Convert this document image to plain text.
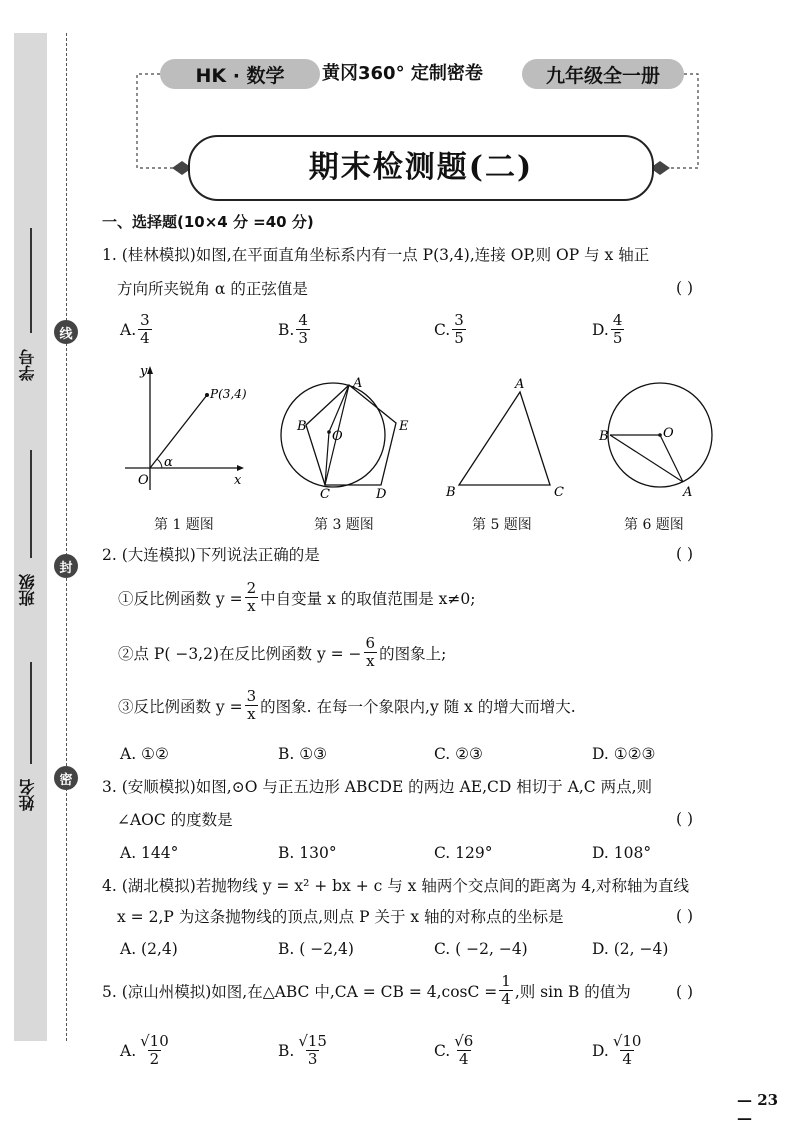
学号
班级
姓名
线
封
密
HK · 数学	黄冈360° 定制密卷	九年级全一册
期末检测题(二)
一、选择题(10×4 分 =40 分)
1. (桂林模拟)如图,在平面直角坐标系内有一点 P(3,4),连接 OP,则 OP 与 x 轴正
方向所夹锐角 α 的正弦值是	( )
A. $\frac{3}{4}$	B. $\frac{4}{3}$	C. $\frac{3}{5}$	D. $\frac{4}{5}$
y
x
O
P(3,4)
α
A
B
C	D
E
O
A
B	C
B	O
A
第 1 题图	第 3 题图	第 5 题图	第 6 题图
2. (大连模拟)下列说法正确的是	( )
①反比例函数 $y = \frac{2}{x}$ 中自变量 x 的取值范围是 x≠0;
②点 P( −3,2)在反比例函数 y = − $\frac{6}{x}$ 的图象上;
③反比例函数 $y = \frac{3}{x}$ 的图象. 在每一个象限内,y 随 x 的增大而增大.
A. ①②	B. ①③	C. ②③	D. ①②③
3. (安顺模拟)如图,⊙O 与正五边形 ABCDE 的两边 AE,CD 相切于 A,C 两点,则
∠AOC 的度数是	( )
A. 144°	B. 130°	C. 129°	D. 108°
4. (湖北模拟)若抛物线 y = x² + bx + c 与 x 轴两个交点间的距离为 4,对称轴为直线
x = 2,P 为这条抛物线的顶点,则点 P 关于 x 轴的对称点的坐标是	( )
A. (2,4)	B. ( −2,4)	C. ( −2, −4)	D. (2, −4)
5. (凉山州模拟)如图,在△ABC 中,CA = CB = $4,\cos C = \frac{1}{4}$ ,则 sin B 的值为	( )
A. $\frac{√10}{2}$	B. $\frac{√15}{3}$	C. $\frac{√6}{4}$	D. $\frac{√10}{4}$
— 23 —
